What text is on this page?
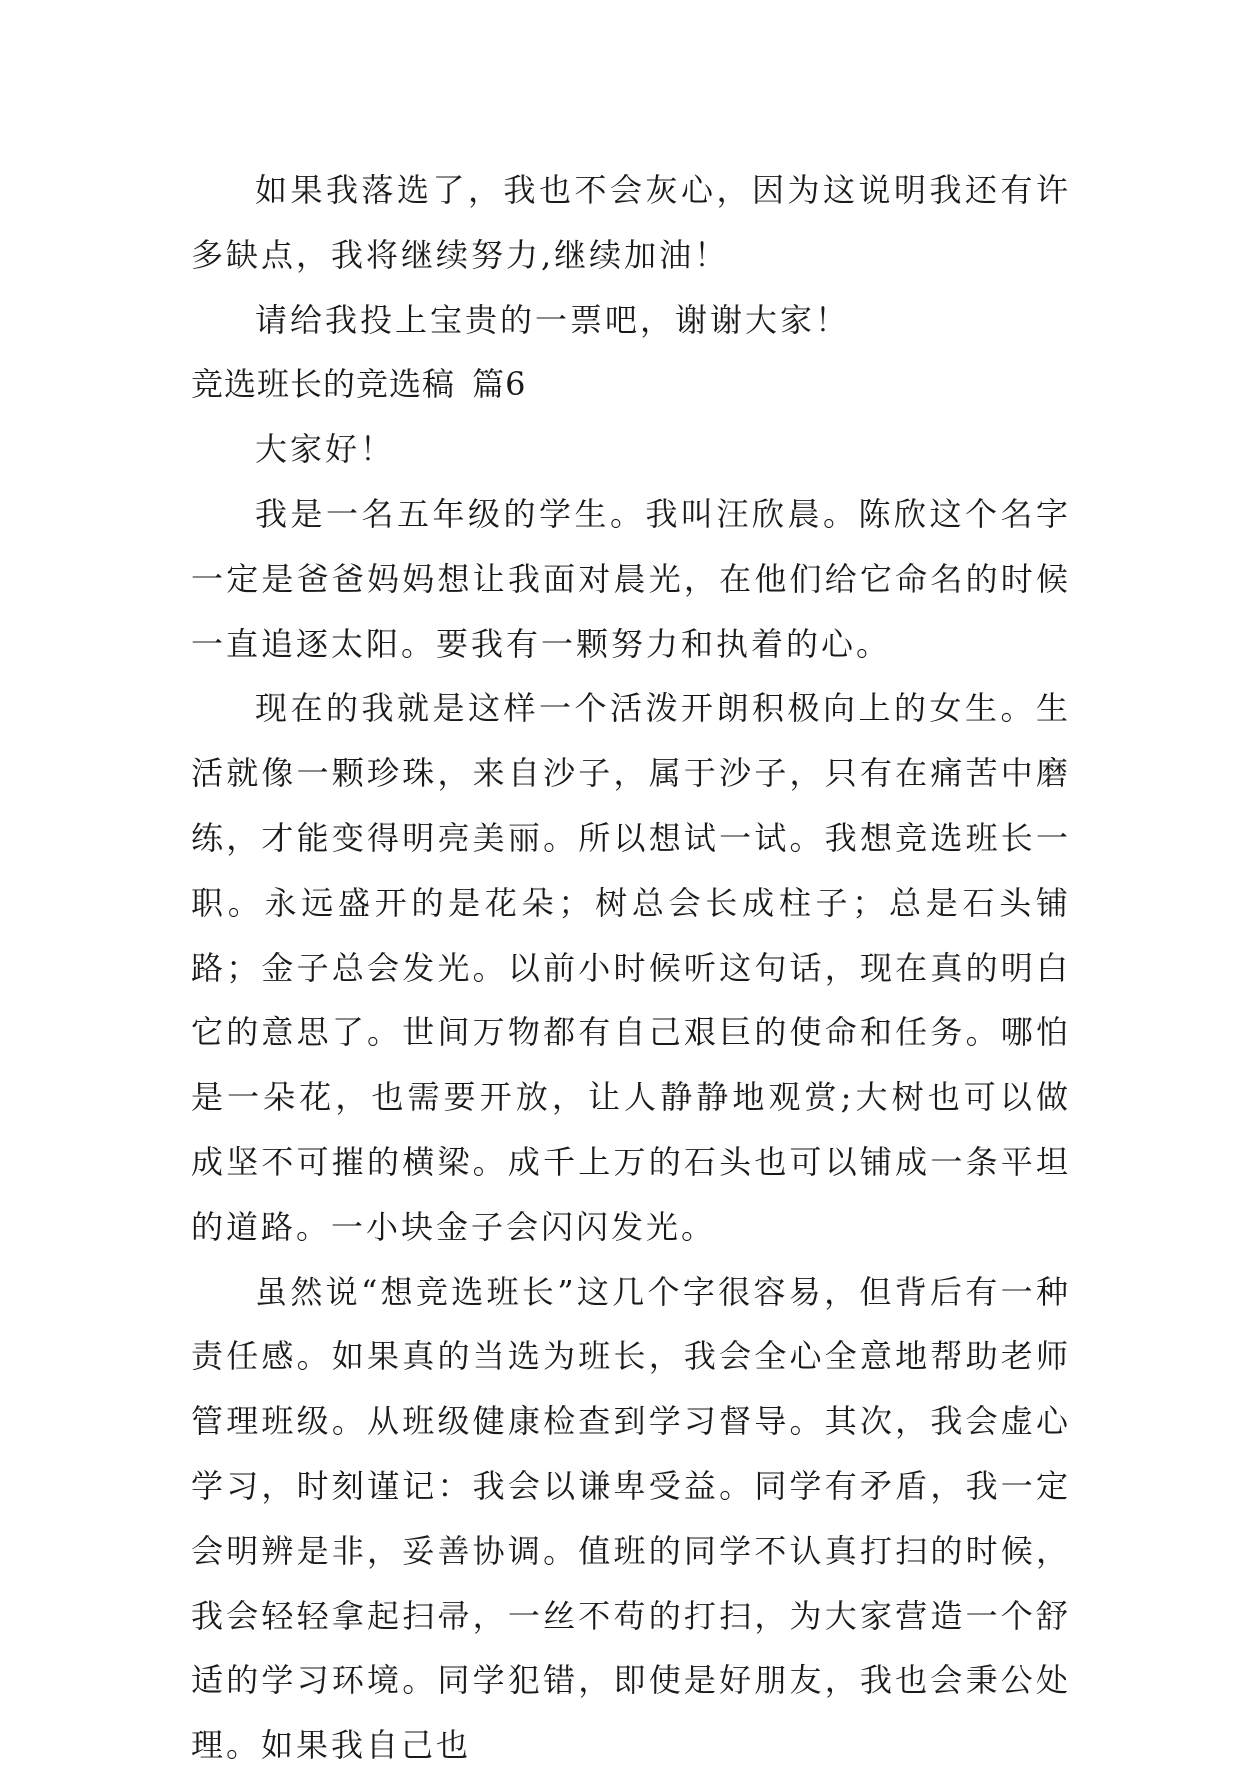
如果我落选了，我也不会灰心，因为这说明我还有许多缺点，我将继续努力,继续加油！

请给我投上宝贵的一票吧，谢谢大家！

竞选班长的竞选稿 篇6

大家好！

我是一名五年级的学生。我叫汪欣晨。陈欣这个名字一定是爸爸妈妈想让我面对晨光，在他们给它命名的时候一直追逐太阳。要我有一颗努力和执着的心。

现在的我就是这样一个活泼开朗积极向上的女生。生活就像一颗珍珠，来自沙子，属于沙子，只有在痛苦中磨练，才能变得明亮美丽。所以想试一试。我想竞选班长一职。永远盛开的是花朵；树总会长成柱子；总是石头铺路；金子总会发光。以前小时候听这句话，现在真的明白它的意思了。世间万物都有自己艰巨的使命和任务。哪怕是一朵花，也需要开放，让人静静地观赏;大树也可以做成坚不可摧的横梁。成千上万的石头也可以铺成一条平坦的道路。一小块金子会闪闪发光。

虽然说“想竞选班长”这几个字很容易，但背后有一种责任感。如果真的当选为班长，我会全心全意地帮助老师管理班级。从班级健康检查到学习督导。其次，我会虚心学习，时刻谨记：我会以谦卑受益。同学有矛盾，我一定会明辨是非，妥善协调。值班的同学不认真打扫的时候，我会轻轻拿起扫帚，一丝不苟的打扫，为大家营造一个舒适的学习环境。同学犯错，即使是好朋友，我也会秉公处理。如果我自己也
